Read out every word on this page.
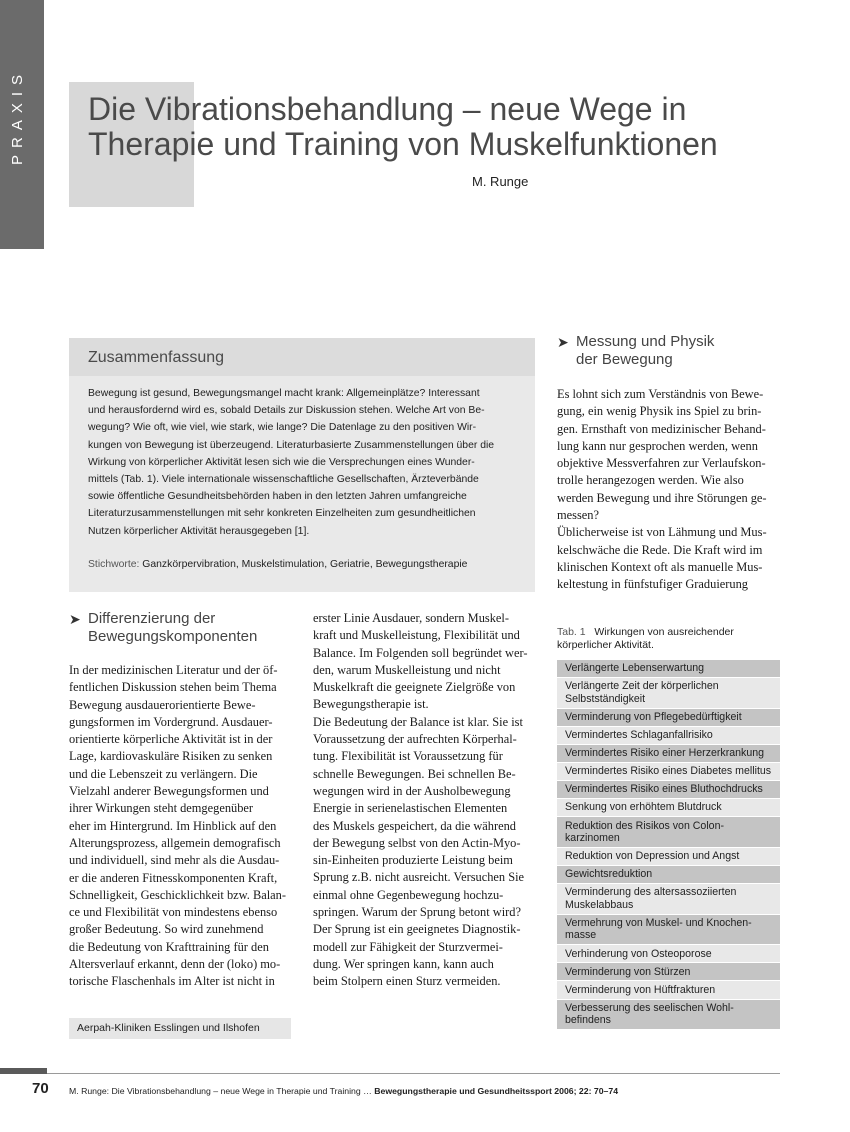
PRAXIS Die Vibrationsbehandlung – neue Wege in
Therapie und Training von Muskelfunktionen
M. Runge
Zusammenfassung
Bewegung ist gesund, Bewegungsmangel macht krank: Allgemeinplätze? Interessant
und herausfordernd wird es, sobald Details zur Diskussion stehen. Welche Art von Be-
wegung? Wie oft, wie viel, wie stark, wie lange? Die Datenlage zu den positiven Wir-
kungen von Bewegung ist überzeugend. Literaturbasierte Zusammenstellungen über die
Wirkung von körperlicher Aktivität lesen sich wie die Versprechungen eines Wunder-
mittels (Tab. 1). Viele internationale wissenschaftliche Gesellschaften, Ärzteverbände
sowie öffentliche Gesundheitsbehörden haben in den letzten Jahren umfangreiche
Literaturzusammenstellungen mit sehr konkreten Einzelheiten zum gesundheitlichen
Nutzen körperlicher Aktivität herausgegeben [1].
Stichworte: Ganzkörpervibration, Muskelstimulation, Geriatrie, Bewegungstherapie
➤ Messung und Physik
der Bewegung
Es lohnt sich zum Verständnis von Bewe-
gung, ein wenig Physik ins Spiel zu brin-
gen. Ernsthaft von medizinischer Behand-
lung kann nur gesprochen werden, wenn
objektive Messverfahren zur Verlaufskon-
trolle herangezogen werden. Wie also
werden Bewegung und ihre Störungen ge-
messen?
Üblicherweise ist von Lähmung und Mus-
kelschwäche die Rede. Die Kraft wird im
klinischen Kontext oft als manuelle Mus-
keltestung in fünfstufiger Graduierung
➤ Differenzierung der
Bewegungskomponenten
In der medizinischen Literatur und der öf-
fentlichen Diskussion stehen beim Thema
Bewegung ausdauerorientierte Bewe-
gungsformen im Vordergrund. Ausdauer-
orientierte körperliche Aktivität ist in der
Lage, kardiovaskuläre Risiken zu senken
und die Lebenszeit zu verlängern. Die
Vielzahl anderer Bewegungsformen und
ihrer Wirkungen steht demgegenüber
eher im Hintergrund. Im Hinblick auf den
Alterungsprozess, allgemein demografisch
und individuell, sind mehr als die Ausdau-
er die anderen Fitnesskomponenten Kraft,
Schnelligkeit, Geschicklichkeit bzw. Balan-
ce und Flexibilität von mindestens ebenso
großer Bedeutung. So wird zunehmend
die Bedeutung von Krafttraining für den
Altersverlauf erkannt, denn der (loko) mo-
torische Flaschenhals im Alter ist nicht in
erster Linie Ausdauer, sondern Muskel-
kraft und Muskelleistung, Flexibilität und
Balance. Im Folgenden soll begründet wer-
den, warum Muskelleistung und nicht
Muskelkraft die geeignete Zielgröße von
Bewegungstherapie ist.
Die Bedeutung der Balance ist klar. Sie ist
Voraussetzung der aufrechten Körperhal-
tung. Flexibilität ist Voraussetzung für
schnelle Bewegungen. Bei schnellen Be-
wegungen wird in der Ausholbewegung
Energie in serienelastischen Elementen
des Muskels gespeichert, da die während
der Bewegung selbst von den Actin-Myo-
sin-Einheiten produzierte Leistung beim
Sprung z.B. nicht ausreicht. Versuchen Sie
einmal ohne Gegenbewegung hochzu-
springen. Warum der Sprung betont wird?
Der Sprung ist ein geeignetes Diagnostik-
modell zur Fähigkeit der Sturzvermei-
dung. Wer springen kann, kann auch
beim Stolpern einen Sturz vermeiden.
Tab. 1 Wirkungen von ausreichender
körperlicher Aktivität.
Verlängerte Lebenserwartung
Verlängerte Zeit der körperlichen Selbstständigkeit
Verminderung von Pflegebedürftigkeit
Vermindertes Schlaganfallrisiko
Vermindertes Risiko einer Herzerkrankung
Vermindertes Risiko eines Diabetes mellitus
Vermindertes Risiko eines Bluthochdrucks
Senkung von erhöhtem Blutdruck
Reduktion des Risikos von Colon-karzinomen
Reduktion von Depression und Angst
Gewichtsreduktion
Verminderung des altersassoziierten Muskelabbaus
Vermehrung von Muskel- und Knochen-masse
Verhinderung von Osteoporose
Verminderung von Stürzen
Verminderung von Hüftfrakturen
Verbesserung des seelischen Wohl-befindens
Aerpah-Kliniken Esslingen und Ilshofen
70 M. Runge: Die Vibrationsbehandlung – neue Wege in Therapie und Training … Bewegungstherapie und Gesundheitssport 2006; 22: 70–74
